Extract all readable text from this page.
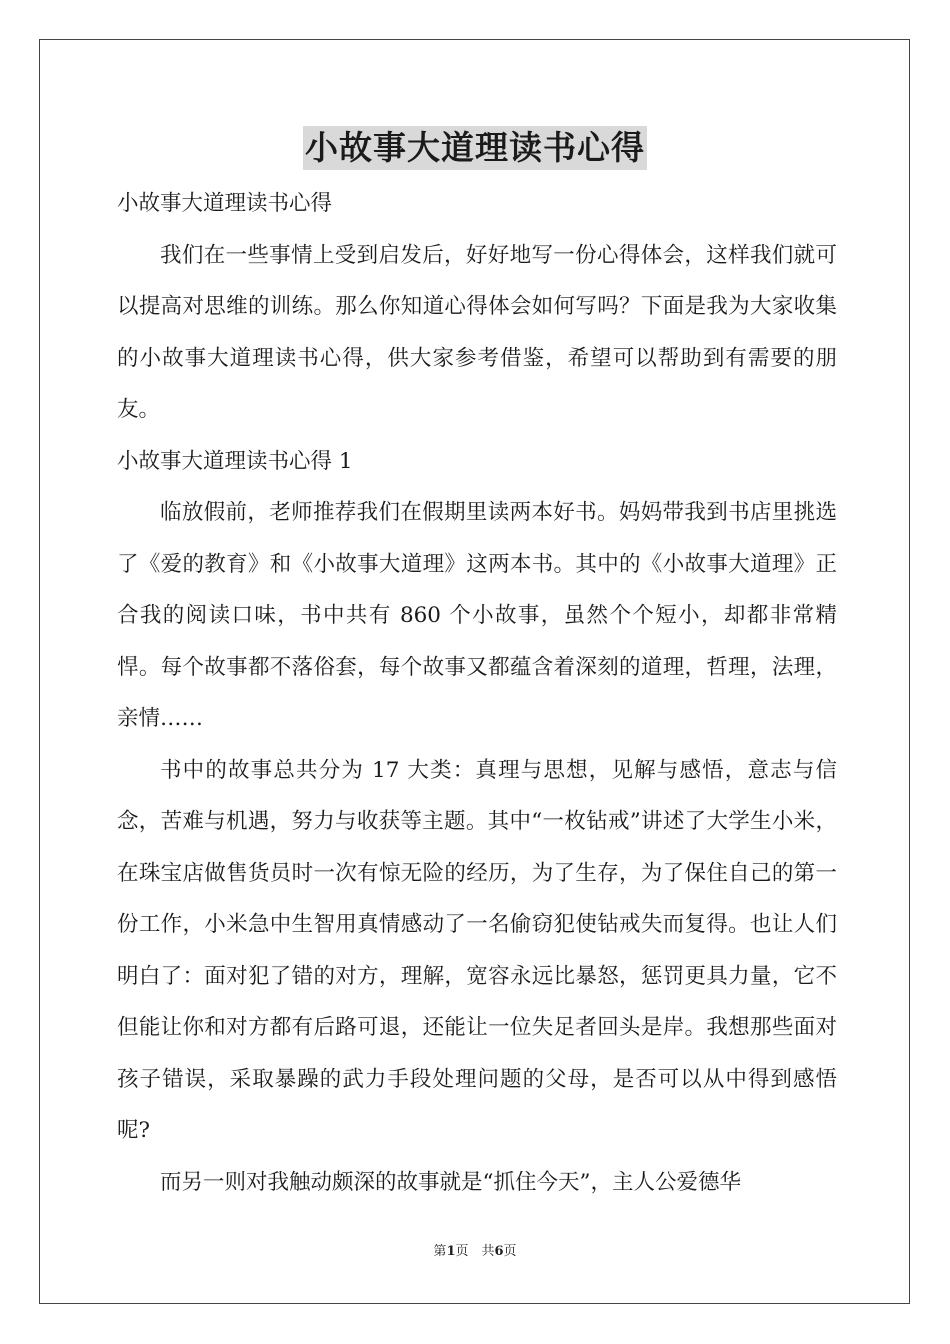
小故事大道理读书心得

小故事大道理读书心得

我们在一些事情上受到启发后，好好地写一份心得体会，这样我们就可以提高对思维的训练。那么你知道心得体会如何写吗？下面是我为大家收集的小故事大道理读书心得，供大家参考借鉴，希望可以帮助到有需要的朋友。

小故事大道理读书心得 1

临放假前，老师推荐我们在假期里读两本好书。妈妈带我到书店里挑选了《爱的教育》和《小故事大道理》这两本书。其中的《小故事大道理》正合我的阅读口味，书中共有 860 个小故事，虽然个个短小，却都非常精悍。每个故事都不落俗套，每个故事又都蕴含着深刻的道理，哲理，法理，亲情……

书中的故事总共分为 17 大类：真理与思想，见解与感悟，意志与信念，苦难与机遇，努力与收获等主题。其中“一枚钻戒”讲述了大学生小米，在珠宝店做售货员时一次有惊无险的经历，为了生存，为了保住自己的第一份工作，小米急中生智用真情感动了一名偷窃犯使钻戒失而复得。也让人们明白了：面对犯了错的对方，理解，宽容永远比暴怒，惩罚更具力量，它不但能让你和对方都有后路可退，还能让一位失足者回头是岸。我想那些面对孩子错误，采取暴躁的武力手段处理问题的父母，是否可以从中得到感悟呢?

而另一则对我触动颇深的故事就是“抓住今天”，主人公爱德华

第1页　共6页
